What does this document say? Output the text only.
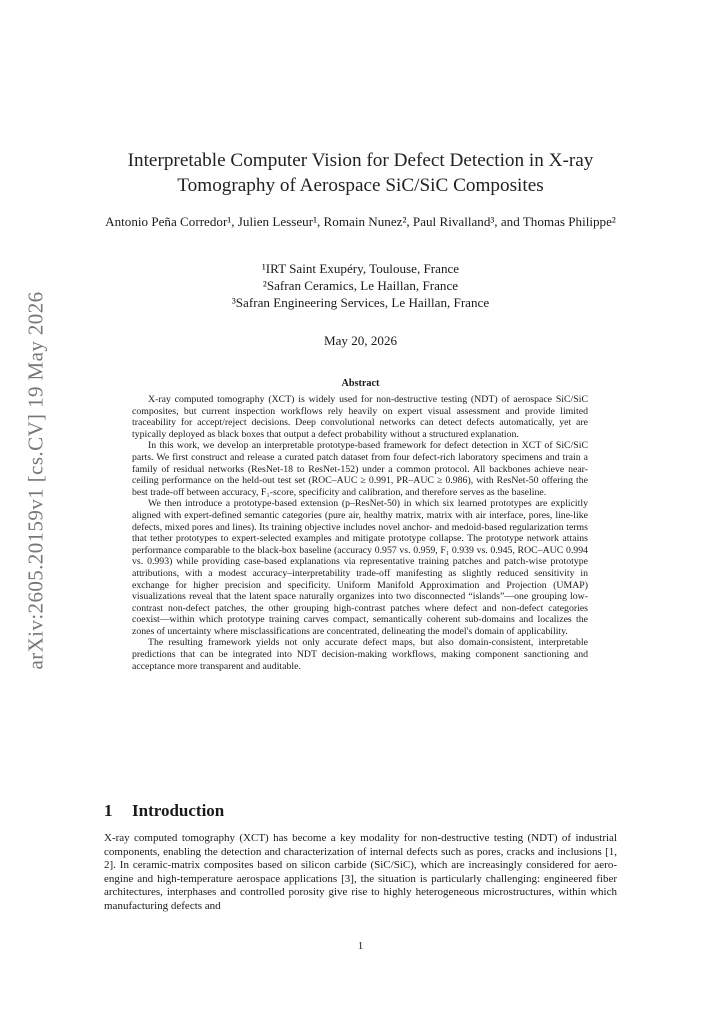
arXiv:2605.20159v1 [cs.CV] 19 May 2026
Interpretable Computer Vision for Defect Detection in X-ray Tomography of Aerospace SiC/SiC Composites
Antonio Peña Corredor¹, Julien Lesseur¹, Romain Nunez², Paul Rivalland³, and Thomas Philippe²
¹IRT Saint Exupéry, Toulouse, France
²Safran Ceramics, Le Haillan, France
³Safran Engineering Services, Le Haillan, France
May 20, 2026
Abstract

X-ray computed tomography (XCT) is widely used for non-destructive testing (NDT) of aerospace SiC/SiC composites, but current inspection workflows rely heavily on expert visual assessment and provide limited traceability for accept/reject decisions. Deep convolutional networks can detect defects automatically, yet are typically deployed as black boxes that output a defect probability without a structured explanation.

In this work, we develop an interpretable prototype-based framework for defect detection in XCT of SiC/SiC parts. We first construct and release a curated patch dataset from four defect-rich laboratory specimens and train a family of residual networks (ResNet-18 to ResNet-152) under a common protocol. All backbones achieve near-ceiling performance on the held-out test set (ROC–AUC ≥ 0.991, PR–AUC ≥ 0.986), with ResNet-50 offering the best trade-off between accuracy, F₁-score, specificity and calibration, and therefore serves as the baseline.

We then introduce a prototype-based extension (p–ResNet-50) in which six learned prototypes are explicitly aligned with expert-defined semantic categories (pure air, healthy matrix, matrix with air interface, pores, line-like defects, mixed pores and lines). Its training objective includes novel anchor- and medoid-based regularization terms that tether prototypes to expert-selected examples and mitigate prototype collapse. The prototype network attains performance comparable to the black-box baseline (accuracy 0.957 vs. 0.959, F₁ 0.939 vs. 0.945, ROC–AUC 0.994 vs. 0.993) while providing case-based explanations via representative training patches and patch-wise prototype attributions, with a modest accuracy–interpretability trade-off manifesting as slightly reduced sensitivity in exchange for higher precision and specificity. Uniform Manifold Approximation and Projection (UMAP) visualizations reveal that the latent space naturally organizes into two disconnected “islands”—one grouping low-contrast non-defect patches, the other grouping high-contrast patches where defect and non-defect categories coexist—within which prototype training carves compact, semantically coherent sub-domains and localizes the zones of uncertainty where misclassifications are concentrated, delineating the model's domain of applicability.

The resulting framework yields not only accurate defect maps, but also domain-consistent, interpretable predictions that can be integrated into NDT decision-making workflows, making component sanctioning and acceptance more transparent and auditable.

1 Introduction

X-ray computed tomography (XCT) has become a key modality for non-destructive testing (NDT) of industrial components, enabling the detection and characterization of internal defects such as pores, cracks and inclusions [1, 2]. In ceramic-matrix composites based on silicon carbide (SiC/SiC), which are increasingly considered for aero-engine and high-temperature aerospace applications [3], the situation is particularly challenging: engineered fiber architectures, interphases and controlled porosity give rise to highly heterogeneous microstructures, within which manufacturing defects and

1
